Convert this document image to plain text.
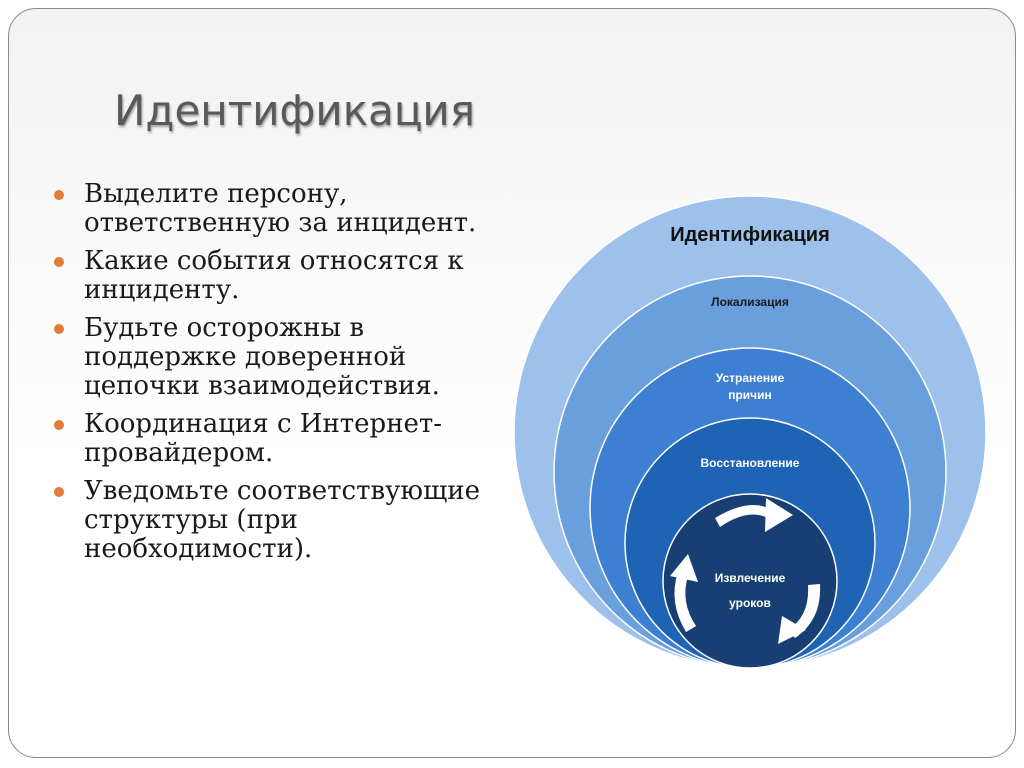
Идентификация
Выделите персону, ответственную за инцидент.
Какие события относятся к инциденту.
Будьте осторожны в поддержке доверенной цепочки взаимодействия.
Координация с Интернет-провайдером.
Уведомьте соответствующие структуры (при необходимости).
Идентификация
Локализация
Устранение
причин
Восстановление
Извлечение
уроков
